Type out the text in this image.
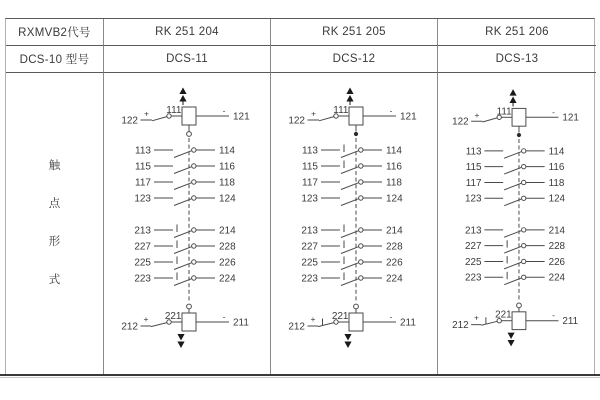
RXMVB2代号	RK 251 204	RK 251 205	RK 251 206
DCS-10 型号	DCS-11	DCS-12	DCS-13
触
点
形
式
122
+ 111	-
121
113	114
115	116
117	118
123	124
213	214
227	228
225	226
223	224
212
+ 221	-
211
122
+ 111	-
121
113	114
115	116
117	118
123	124
213	214
227	228
225	226
223	224
212
+ 221	-
211
122
+ 111	-
121
113	114
115	116
117	118
123	124
213	214
227	228
225	226
223	224
212
+ 221	-
211
